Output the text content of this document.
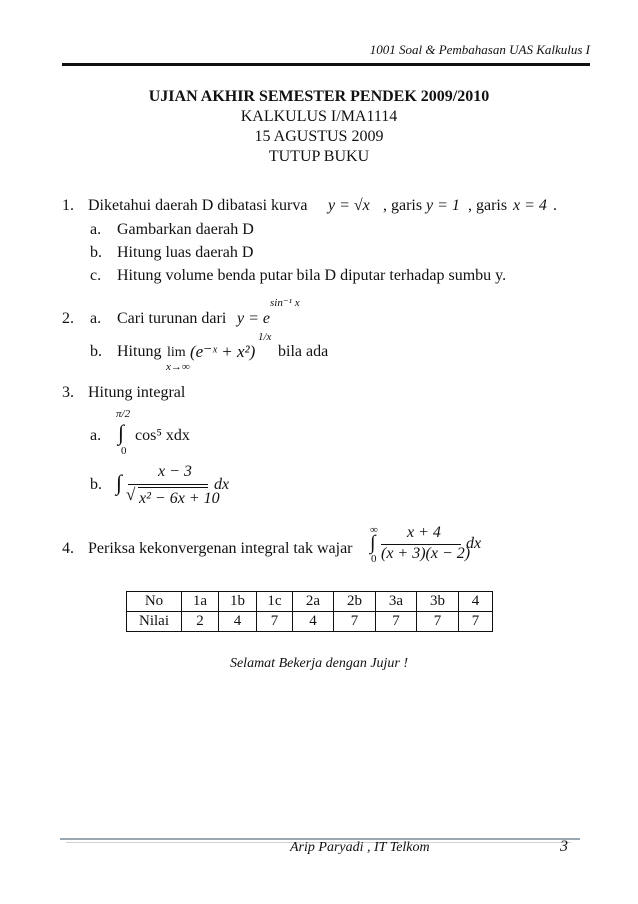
1001 Soal & Pembahasan UAS Kalkulus I
UJIAN AKHIR SEMESTER PENDEK 2009/2010
KALKULUS I/MA1114
15 AGUSTUS 2009
TUTUP BUKU
1. Diketahui daerah D dibatasi kurva y = √x , garis y = 1 , garis x = 4 .
a. Gambarkan daerah D
b. Hitung luas daerah D
c. Hitung volume benda putar bila D diputar terhadap sumbu y.
2. a. Cari turunan dari y = e
sin⁻¹ x
b. Hitung lim
x→∞
(e⁻ˣ + x²)
1/x
bila ada
3. Hitung integral
a.
π/2
∫
0
cos⁵ xdx
b. ∫ x − 3
√ x² − 6x + 10
dx
4. Periksa kekonvergenan integral tak wajar
∞
∫
0
x + 4
(x + 3)(x − 2)
dx
No	1a	1b	1c	2a	2b	3a	3b	4
Nilai	2	4	7	4	7	7	7	7
Selamat Bekerja dengan Jujur !
Arip Paryadi , IT Telkom	3
